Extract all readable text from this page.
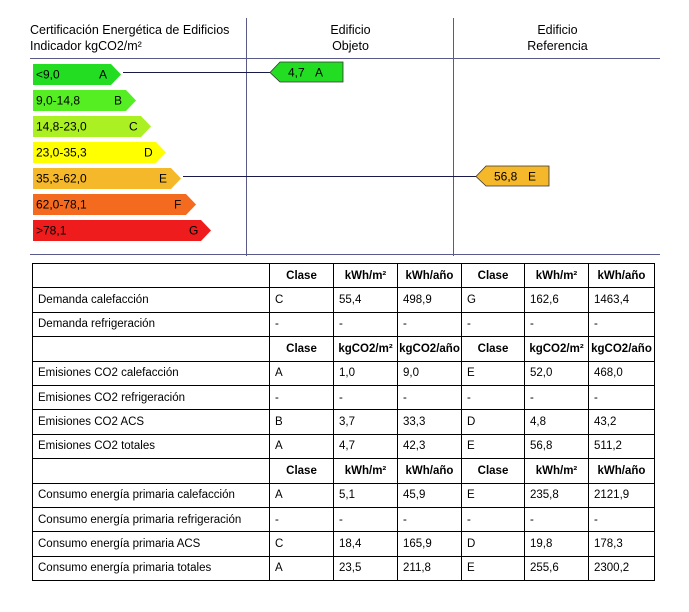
Certificación Energética de Edificios
Indicador kgCO2/m²
Edificio
Objeto
Edificio
Referencia
<9,0	A
9,0-14,8	B
14,8-23,0	C
23,0-35,3	D
35,3-62,0	E
62,0-78,1	F
>78,1	G
4,7 A
56,8 E
	Clase	kWh/m²	kWh/año	Clase	kWh/m²	kWh/año
Demanda calefacción	C	55,4	498,9	G	162,6	1463,4
Demanda refrigeración	-	-	-	-	-	-
	Clase	kgCO2/m²	kgCO2/año	Clase	kgCO2/m²	kgCO2/año
Emisiones CO2 calefacción	A	1,0	9,0	E	52,0	468,0
Emisiones CO2 refrigeración	-	-	-	-	-	-
Emisiones CO2 ACS	B	3,7	33,3	D	4,8	43,2
Emisiones CO2 totales	A	4,7	42,3	E	56,8	511,2
	Clase	kWh/m²	kWh/año	Clase	kWh/m²	kWh/año
Consumo energía primaria calefacción	A	5,1	45,9	E	235,8	2121,9
Consumo energía primaria refrigeración	-	-	-	-	-	-
Consumo energía primaria ACS	C	18,4	165,9	D	19,8	178,3
Consumo energía primaria totales	A	23,5	211,8	E	255,6	2300,2
